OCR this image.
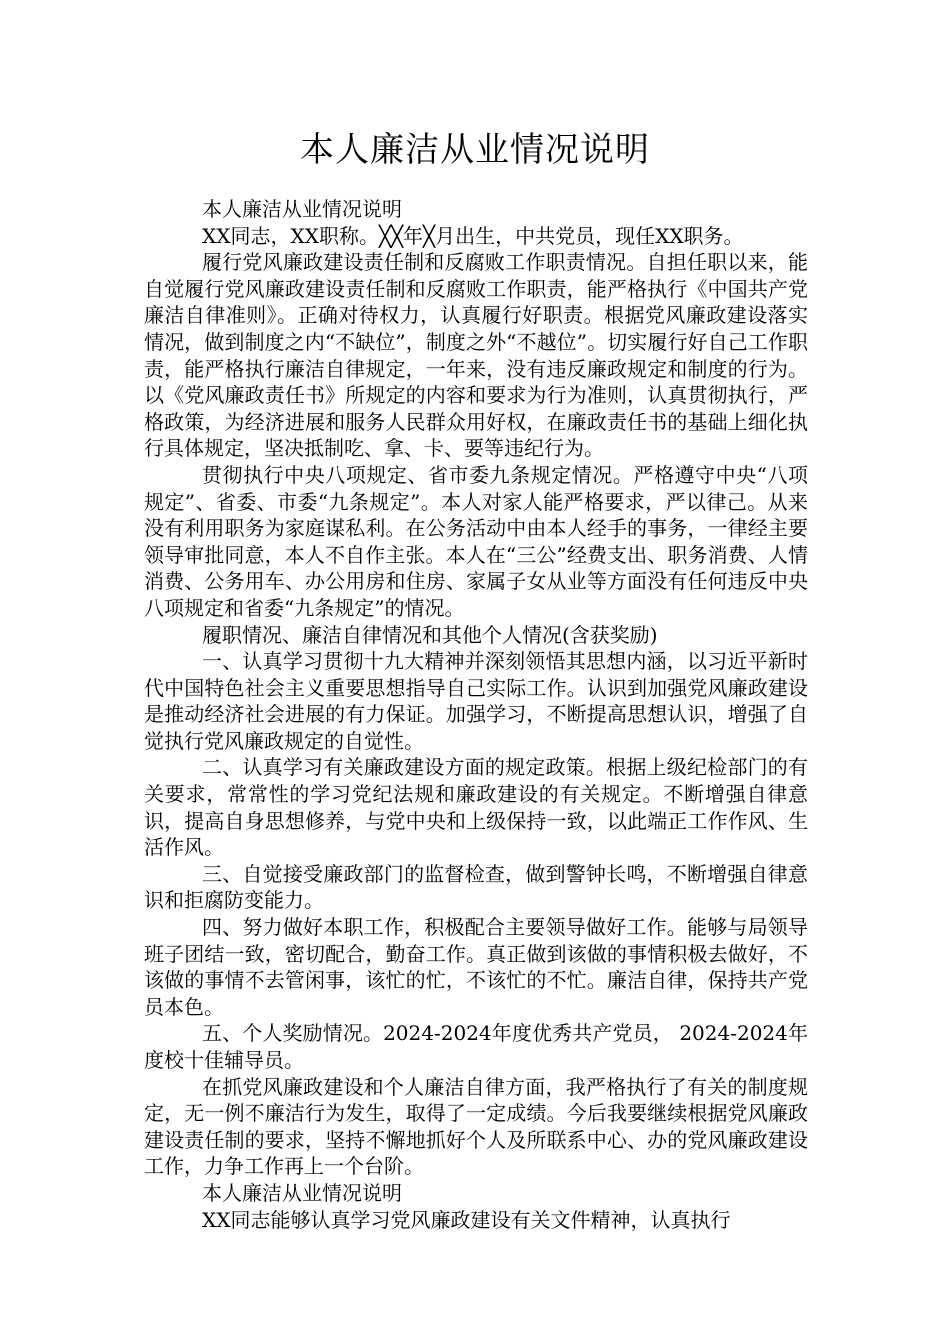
本人廉洁从业情况说明

本人廉洁从业情况说明

XX同志，XX职称。╳╳年╳月出生，中共党员，现任XX职务。

履行党风廉政建设责任制和反腐败工作职责情况。自担任职以来，能自觉履行党风廉政建设责任制和反腐败工作职责，能严格执行《中国共产党廉洁自律准则》。正确对待权力，认真履行好职责。根据党风廉政建设落实情况，做到制度之内“不缺位”，制度之外“不越位”。切实履行好自己工作职责，能严格执行廉洁自律规定，一年来，没有违反廉政规定和制度的行为。以《党风廉政责任书》所规定的内容和要求为行为准则，认真贯彻执行，严格政策，为经济进展和服务人民群众用好权，在廉政责任书的基础上细化执行具体规定，坚决抵制吃、拿、卡、要等违纪行为。

贯彻执行中央八项规定、省市委九条规定情况。严格遵守中央“八项规定”、省委、市委“九条规定”。本人对家人能严格要求，严以律己。从来没有利用职务为家庭谋私利。在公务活动中由本人经手的事务，一律经主要领导审批同意，本人不自作主张。本人在“三公”经费支出、职务消费、人情消费、公务用车、办公用房和住房、家属子女从业等方面没有任何违反中央八项规定和省委“九条规定”的情况。

履职情况、廉洁自律情况和其他个人情况(含获奖励)

一、认真学习贯彻十九大精神并深刻领悟其思想内涵，以习近平新时代中国特色社会主义重要思想指导自己实际工作。认识到加强党风廉政建设是推动经济社会进展的有力保证。加强学习，不断提高思想认识，增强了自觉执行党风廉政规定的自觉性。

二、认真学习有关廉政建设方面的规定政策。根据上级纪检部门的有关要求，常常性的学习党纪法规和廉政建设的有关规定。不断增强自律意识，提高自身思想修养，与党中央和上级保持一致，以此端正工作作风、生活作风。

三、自觉接受廉政部门的监督检查，做到警钟长鸣，不断增强自律意识和拒腐防变能力。

四、努力做好本职工作，积极配合主要领导做好工作。能够与局领导班子团结一致，密切配合，勤奋工作。真正做到该做的事情积极去做好，不该做的事情不去管闲事，该忙的忙，不该忙的不忙。廉洁自律，保持共产党员本色。

五、个人奖励情况。2024-2024年度优秀共产党员， 2024-2024年度校十佳辅导员。

在抓党风廉政建设和个人廉洁自律方面，我严格执行了有关的制度规定，无一例不廉洁行为发生，取得了一定成绩。今后我要继续根据党风廉政建设责任制的要求，坚持不懈地抓好个人及所联系中心、办的党风廉政建设工作，力争工作再上一个台阶。

本人廉洁从业情况说明

XX同志能够认真学习党风廉政建设有关文件精神，认真执行
